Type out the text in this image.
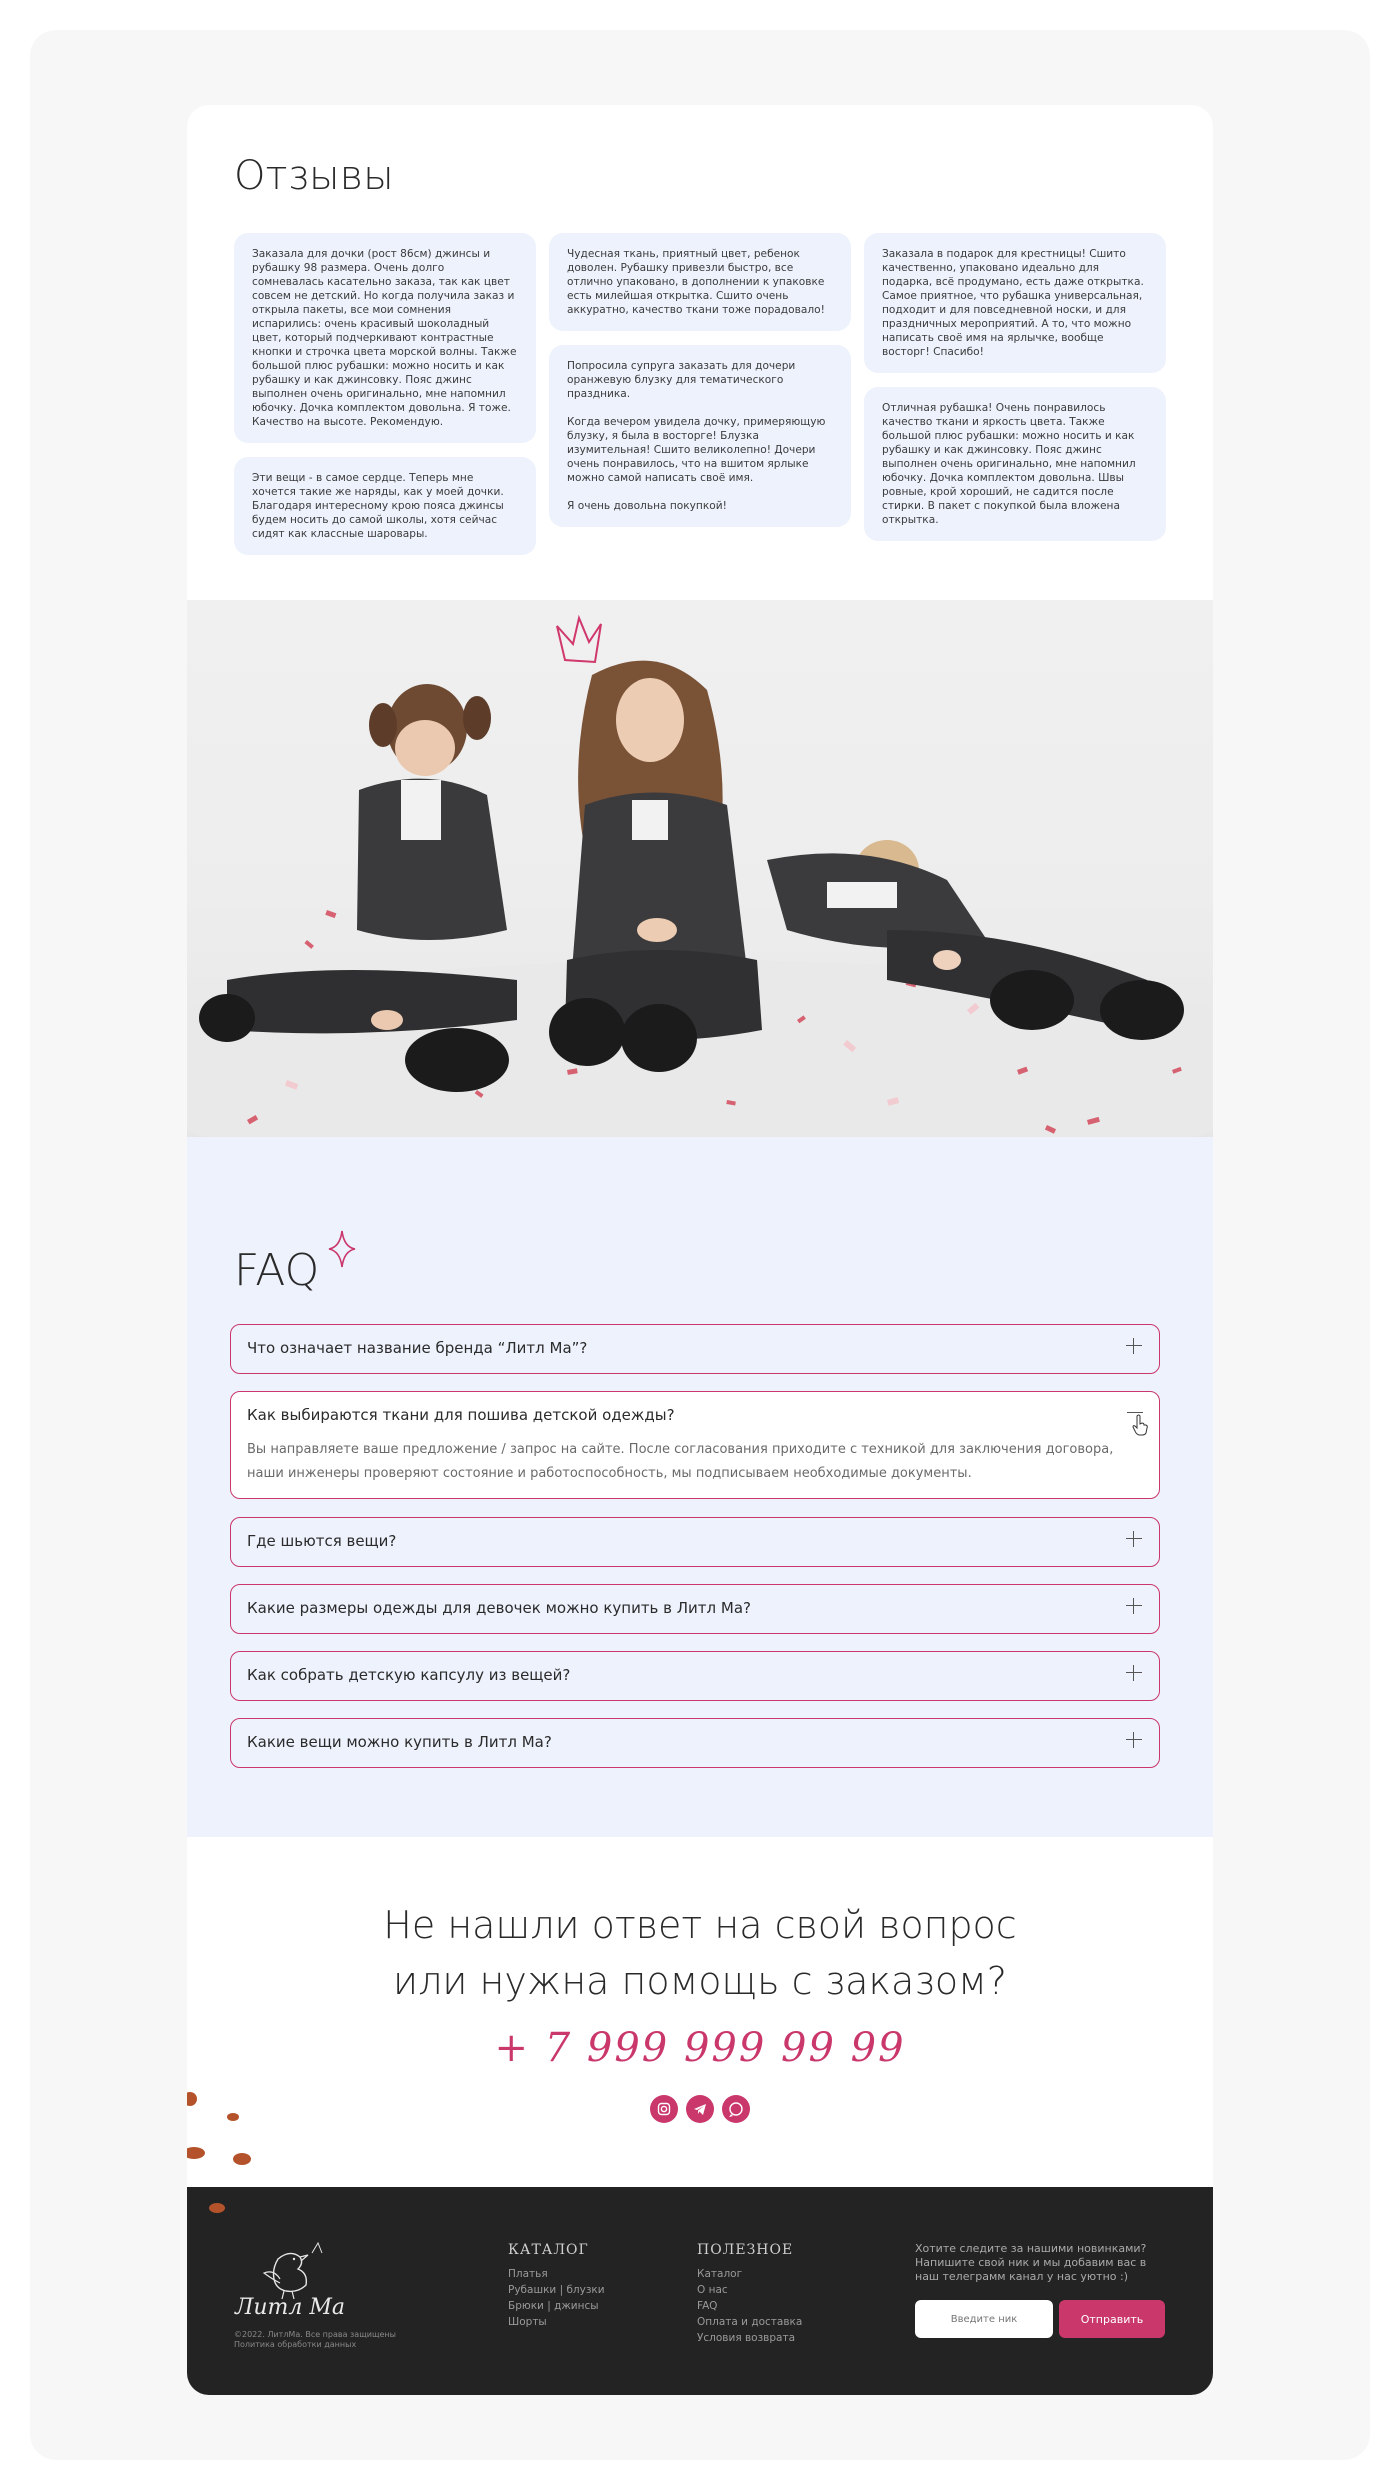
Отзывы

Заказала для дочки (рост 86см) джинсы и рубашку 98 размера. Очень долго сомневалась касательно заказа, так как цвет совсем не детский. Но когда получила заказ и открыла пакеты, все мои сомнения испарились: очень красивый шоколадный цвет, который подчеркивают контрастные кнопки и строчка цвета морской волны. Также большой плюс рубашки: можно носить и как рубашку и как джинсовку. Пояс джинс выполнен очень оригинально, мне напомнил юбочку. Дочка комплектом довольна. Я тоже. Качество на высоте. Рекомендую.

Эти вещи - в самое сердце. Теперь мне хочется такие же наряды, как у моей дочки. Благодаря интересному крою пояса джинсы будем носить до самой школы, хотя сейчас сидят как классные шаровары.

Чудесная ткань, приятный цвет, ребенок доволен. Рубашку привезли быстро, все отлично упаковано, в дополнении к упаковке есть милейшая открытка. Сшито очень аккуратно, качество ткани тоже порадовало!

Попросила супруга заказать для дочери оранжевую блузку для тематического праздника.

Когда вечером увидела дочку, примеряющую блузку, я была в восторге! Блузка изумительная! Сшито великолепно! Дочери очень понравилось, что на вшитом ярлыке можно самой написать своё имя.

Я очень довольна покупкой!

Заказала в подарок для крестницы! Сшито качественно, упаковано идеально для подарка, всё продумано, есть даже открытка. Самое приятное, что рубашка универсальная, подходит и для повседневной носки, и для праздничных мероприятий. А то, что можно написать своё имя на ярлычке, вообще восторг! Спасибо!

Отличная рубашка! Очень понравилось качество ткани и яркость цвета. Также большой плюс рубашки: можно носить и как рубашку и как джинсовку. Пояс джинс выполнен очень оригинально, мне напомнил юбочку. Дочка комплектом довольна. Швы ровные, крой хороший, не садится после стирки. В пакет с покупкой была вложена открытка.

FAQ
Что означает название бренда “Литл Ма”?
Как выбираются ткани для пошива детской одежды?

Вы направляете ваше предложение / запрос на сайте. После согласования приходите с техникой для заключения договора, наши инженеры проверяют состояние и работоспособность, мы подписываем необходимые документы.

Где шьются вещи?
Какие размеры одежды для девочек можно купить в Литл Ма?
Как собрать детскую капсулу из вещей?
Какие вещи можно купить в Литл Ма?
Не нашли ответ на свой вопрос
или нужна помощь с заказом?
+ 7 999 999 99 99
Литл Ма
©2022. ЛитлМа. Все права защищены
Политика обработки данных
КАТАЛОГ
Платья
Рубашки | блузки
Брюки | джинсы
Шорты
ПОЛЕЗНОЕ
Каталог
О нас
FAQ
Оплата и доставка
Условия возврата

Хотите следите за нашими новинками? Напишите свой ник и мы добавим вас в наш телеграмм канал у нас уютно :)

Введите ник
Отправить
